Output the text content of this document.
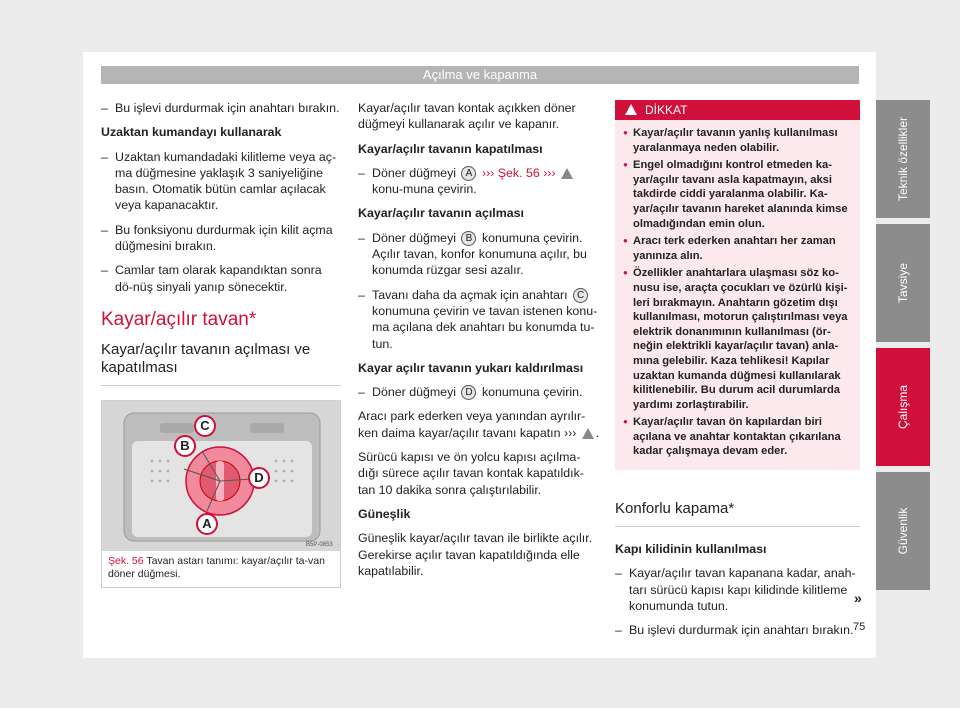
Açılma ve kapanma
– Bu işlevi durdurmak için anahtarı bırakın.

Uzaktan kumandayı kullanarak

– Uzaktan kumandadaki kilitleme veya aç-ma düğmesine yaklaşık 3 saniyeliğine basın. Otomatik bütün camlar açılacak veya kapanacaktır.
– Bu fonksiyonu durdurmak için kilit açma düğmesini bırakın.
– Camlar tam olarak kapandıktan sonra dö-nüş sinyali yanıp sönecektir.
Kayar/açılır tavan*
Kayar/açılır tavanın açılması ve kapatılması
B5P-0853
C
B
D
A
Şek. 56 Tavan astarı tanımı: kayar/açılır ta-van döner düğmesi.

Kayar/açılır tavan kontak açıkken döner düğmeyi kullanarak açılır ve kapanır.

Kayar/açılır tavanın kapatılması

– Döner düğmeyi A ››› Şek. 56 ›››  konu-muna çevirin.

Kayar/açılır tavanın açılması

– Döner düğmeyi B konumuna çevirin. Açılır tavan, konfor konumuna açılır, bu konumda rüzgar sesi azalır.
– Tavanı daha da açmak için anahtarı C konumuna çevirin ve tavan istenen konu-ma açılana dek anahtarı bu konumda tu-tun.

Kayar açılır tavanın yukarı kaldırılması

– Döner düğmeyi D konumuna çevirin.

Aracı park ederken veya yanından ayrılır-ken daima kayar/açılır tavanı kapatın ››› .

Sürücü kapısı ve ön yolcu kapısı açılma-dığı sürece açılır tavan kontak kapatıldık-tan 10 dakika sonra çalıştırılabilir.

Güneşlik

Güneşlik kayar/açılır tavan ile birlikte açılır. Gerekirse açılır tavan kapatıldığında elle kapatılabilir.

DİKKAT
● Kayar/açılır tavanın yanlış kullanılması yaralanmaya neden olabilir.
● Engel olmadığını kontrol etmeden ka-yar/açılır tavanı asla kapatmayın, aksi takdirde ciddi yaralanma olabilir. Ka-yar/açılır tavanın hareket alanında kimse olmadığından emin olun.
● Aracı terk ederken anahtarı her zaman yanınıza alın.
● Özellikler anahtarlara ulaşması söz ko-nusu ise, araçta çocukları ve özürlü kişi-leri bırakmayın. Anahtarın gözetim dışı kullanılması, motorun çalıştırılması veya elektrik donanımının kullanılması (ör-neğin elektrikli kayar/açılır tavan) anla-mına gelebilir. Kaza tehlikesi! Kapılar uzaktan kumanda düğmesi kullanılarak kilitlenebilir. Bu durum acil durumlarda yardımı zorlaştırabilir.
● Kayar/açılır tavan ön kapılardan biri açılana ve anahtar kontaktan çıkarılana kadar çalışmaya devam eder.
Konforlu kapama*

Kapı kilidinin kullanılması

– Kayar/açılır tavan kapanana kadar, anah-tarı sürücü kapısı kapı kilidinde kilitleme konumunda tutun.
– Bu işlevi durdurmak için anahtarı bırakın.
»
75
Teknik özellikler
Tavsiye
Çalışma
Güvenlik
